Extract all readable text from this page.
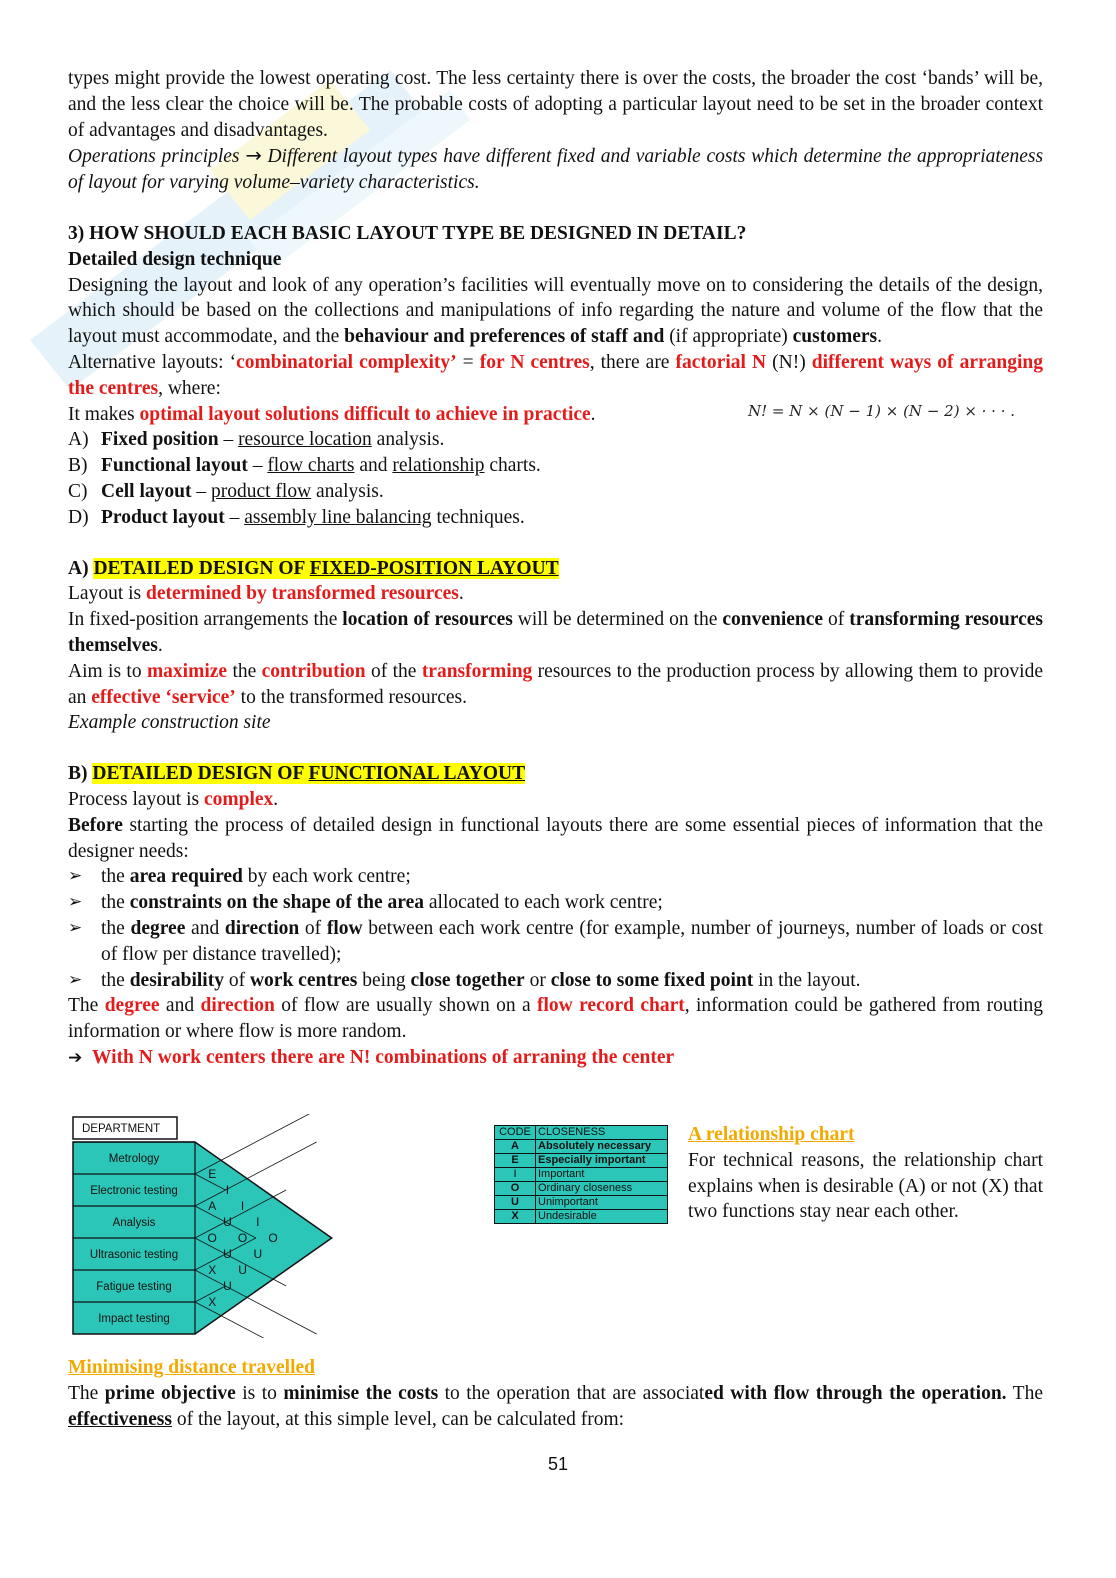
types might provide the lowest operating cost. The less certainty there is over the costs, the broader the cost ‘bands’ will be, and the less clear the choice will be. The probable costs of adopting a particular layout need to be set in the broader context of advantages and disadvantages.

Operations principles → Different layout types have different fixed and variable costs which determine the appropriateness of layout for varying volume–variety characteristics.

3) HOW SHOULD EACH BASIC LAYOUT TYPE BE DESIGNED IN DETAIL?

Detailed design technique

Designing the layout and look of any operation’s facilities will eventually move on to considering the details of the design, which should be based on the collections and manipulations of info regarding the nature and volume of the flow that the layout must accommodate, and the behaviour and preferences of staff and (if appropriate) customers.

Alternative layouts: ‘combinatorial complexity’ = for N centres, there are factorial N (N!) different ways of arranging the centres, where:

N! = N × (N − 1) × (N − 2) × · · · .

It makes optimal layout solutions difficult to achieve in practice.

A) Fixed position – resource location analysis.
B) Functional layout – flow charts and relationship charts.
C) Cell layout – product flow analysis.
D) Product layout – assembly line balancing techniques.

A) DETAILED DESIGN OF FIXED-POSITION LAYOUT

Layout is determined by transformed resources.

In fixed-position arrangements the location of resources will be determined on the convenience of transforming resources themselves.

Aim is to maximize the contribution of the transforming resources to the production process by allowing them to provide an effective ‘service’ to the transformed resources.

Example construction site

B) DETAILED DESIGN OF FUNCTIONAL LAYOUT

Process layout is complex.

Before starting the process of detailed design in functional layouts there are some essential pieces of information that the designer needs:

➢ the area required by each work centre;
➢ the constraints on the shape of the area allocated to each work centre;
➢ the degree and direction of flow between each work centre (for example, number of journeys, number of loads or cost of flow per distance travelled);
➢ the desirability of work centres being close together or close to some fixed point in the layout.

The degree and direction of flow are usually shown on a flow record chart, information could be gathered from routing information or where flow is more random.

➔ With N work centers there are N! combinations of arraning the center

DEPARTMENT
Metrology
Electronic testing
Analysis
Ultrasonic testing
Fatigue testing
Impact testing
E
A
O
X
X
I
U
U
U
I
O
U
I
U
O
CODE	CLOSENESS
A	Absolutely necessary
E	Especially important
I	Important
O	Ordinary closeness
U	Unimportant
X	Undesirable

A relationship chart

For technical reasons, the relationship chart explains when is desirable (A) or not (X) that two functions stay near each other.

Minimising distance travelled

The prime objective is to minimise the costs to the operation that are associated with flow through the operation. The effectiveness of the layout, at this simple level, can be calculated from:

51
